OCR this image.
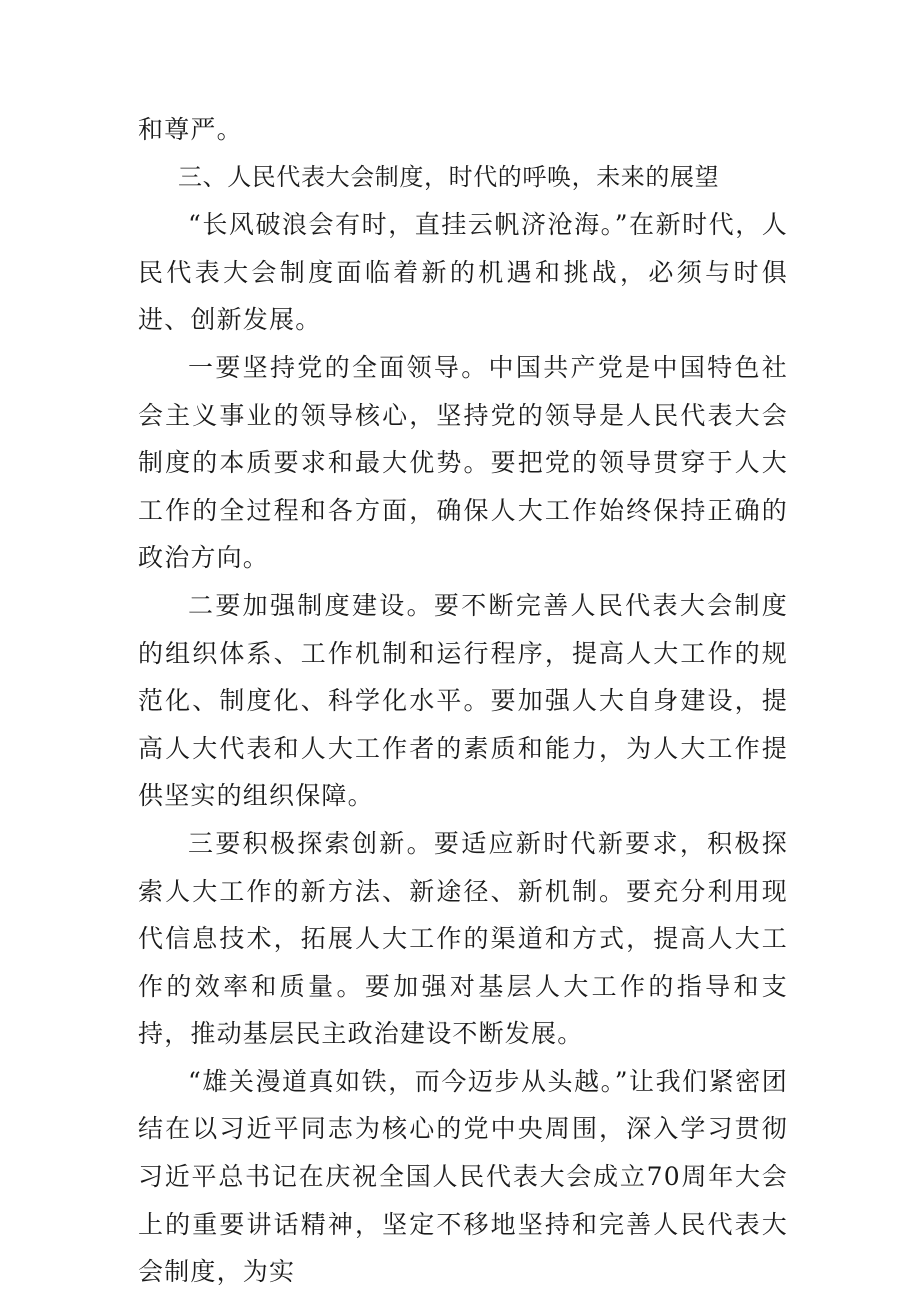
和尊严。

三、人民代表大会制度，时代的呼唤，未来的展望

“长风破浪会有时，直挂云帆济沧海。”在新时代，人民代表大会制度面临着新的机遇和挑战，必须与时俱进、创新发展。

一要坚持党的全面领导。中国共产党是中国特色社会主义事业的领导核心，坚持党的领导是人民代表大会制度的本质要求和最大优势。要把党的领导贯穿于人大工作的全过程和各方面，确保人大工作始终保持正确的政治方向。

二要加强制度建设。要不断完善人民代表大会制度的组织体系、工作机制和运行程序，提高人大工作的规范化、制度化、科学化水平。要加强人大自身建设，提高人大代表和人大工作者的素质和能力，为人大工作提供坚实的组织保障。

三要积极探索创新。要适应新时代新要求，积极探索人大工作的新方法、新途径、新机制。要充分利用现代信息技术，拓展人大工作的渠道和方式，提高人大工作的效率和质量。要加强对基层人大工作的指导和支持，推动基层民主政治建设不断发展。

“雄关漫道真如铁，而今迈步从头越。”让我们紧密团结在以习近平同志为核心的党中央周围，深入学习贯彻习近平总书记在庆祝全国人民代表大会成立70周年大会上的重要讲话精神，坚定不移地坚持和完善人民代表大会制度，为实
